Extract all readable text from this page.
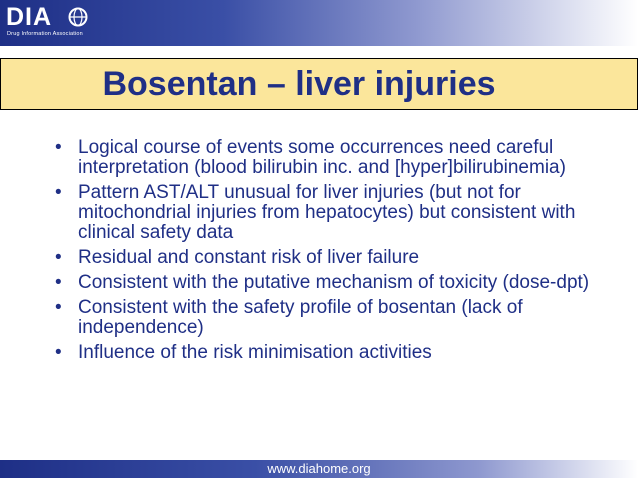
DIA
Drug Information Association
Bosentan – liver injuries
• Logical course of events some occurrences need careful interpretation (blood bilirubin inc. and [hyper]bilirubinemia)
• Pattern AST/ALT unusual for liver injuries (but not for mitochondrial injuries from hepatocytes) but consistent with clinical safety data
• Residual and constant risk of liver failure
• Consistent with the putative mechanism of toxicity (dose-dpt)
• Consistent with the safety profile of bosentan (lack of independence)
• Influence of the risk minimisation activities
www.diahome.org
